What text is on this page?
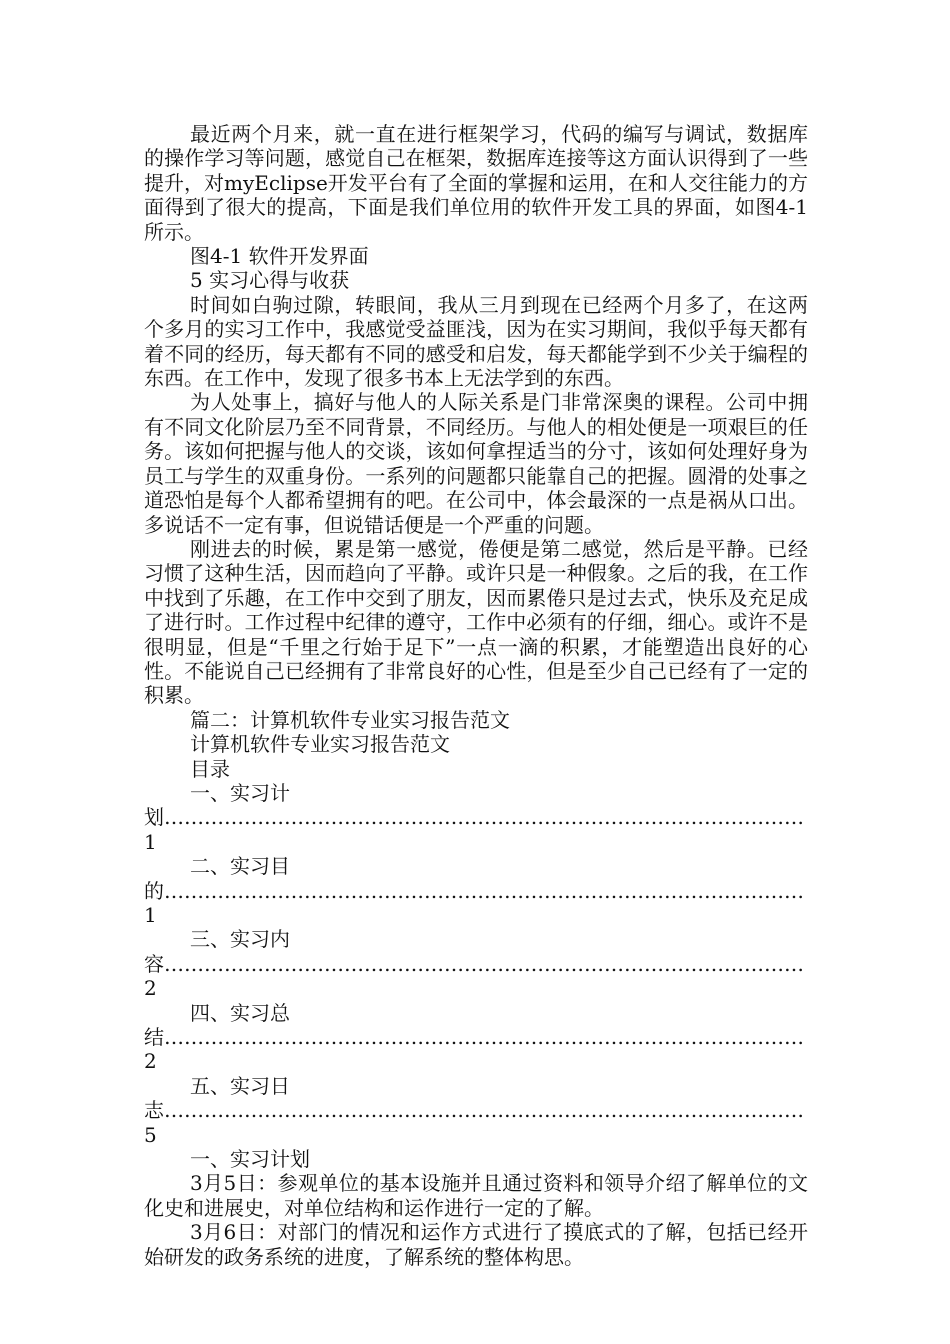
最近两个月来，就一直在进行框架学习，代码的编写与调试，数据库的操作学习等问题，感觉自己在框架，数据库连接等这方面认识得到了一些提升，对myEclipse开发平台有了全面的掌握和运用，在和人交往能力的方面得到了很大的提高，下面是我们单位用的软件开发工具的界面，如图4-1所示。

图4-1 软件开发界面

5 实习心得与收获

时间如白驹过隙，转眼间，我从三月到现在已经两个月多了，在这两个多月的实习工作中，我感觉受益匪浅，因为在实习期间，我似乎每天都有着不同的经历，每天都有不同的感受和启发，每天都能学到不少关于编程的东西。在工作中，发现了很多书本上无法学到的东西。

为人处事上，搞好与他人的人际关系是门非常深奥的课程。公司中拥有不同文化阶层乃至不同背景，不同经历。与他人的相处便是一项艰巨的任务。该如何把握与他人的交谈，该如何拿捏适当的分寸，该如何处理好身为员工与学生的双重身份。一系列的问题都只能靠自己的把握。圆滑的处事之道恐怕是每个人都希望拥有的吧。在公司中，体会最深的一点是祸从口出。多说话不一定有事，但说错话便是一个严重的问题。

刚进去的时候，累是第一感觉，倦便是第二感觉，然后是平静。已经习惯了这种生活，因而趋向了平静。或许只是一种假象。之后的我，在工作中找到了乐趣，在工作中交到了朋友，因而累倦只是过去式，快乐及充足成了进行时。工作过程中纪律的遵守，工作中必须有的仔细，细心。或许不是很明显，但是“千里之行始于足下”一点一滴的积累，才能塑造出良好的心性。不能说自己已经拥有了非常良好的心性，但是至少自己已经有了一定的积累。

篇二：计算机软件专业实习报告范文

计算机软件专业实习报告范文

目录

一、实习计划……………………………………………………………………………………1

二、实习目的……………………………………………………………………………………1

三、实习内容……………………………………………………………………………………2

四、实习总结……………………………………………………………………………………2

五、实习日志……………………………………………………………………………………5

一、实习计划

3月5日：参观单位的基本设施并且通过资料和领导介绍了解单位的文化史和进展史，对单位结构和运作进行一定的了解。

3月6日：对部门的情况和运作方式进行了摸底式的了解，包括已经开始研发的政务系统的进度，了解系统的整体构思。
